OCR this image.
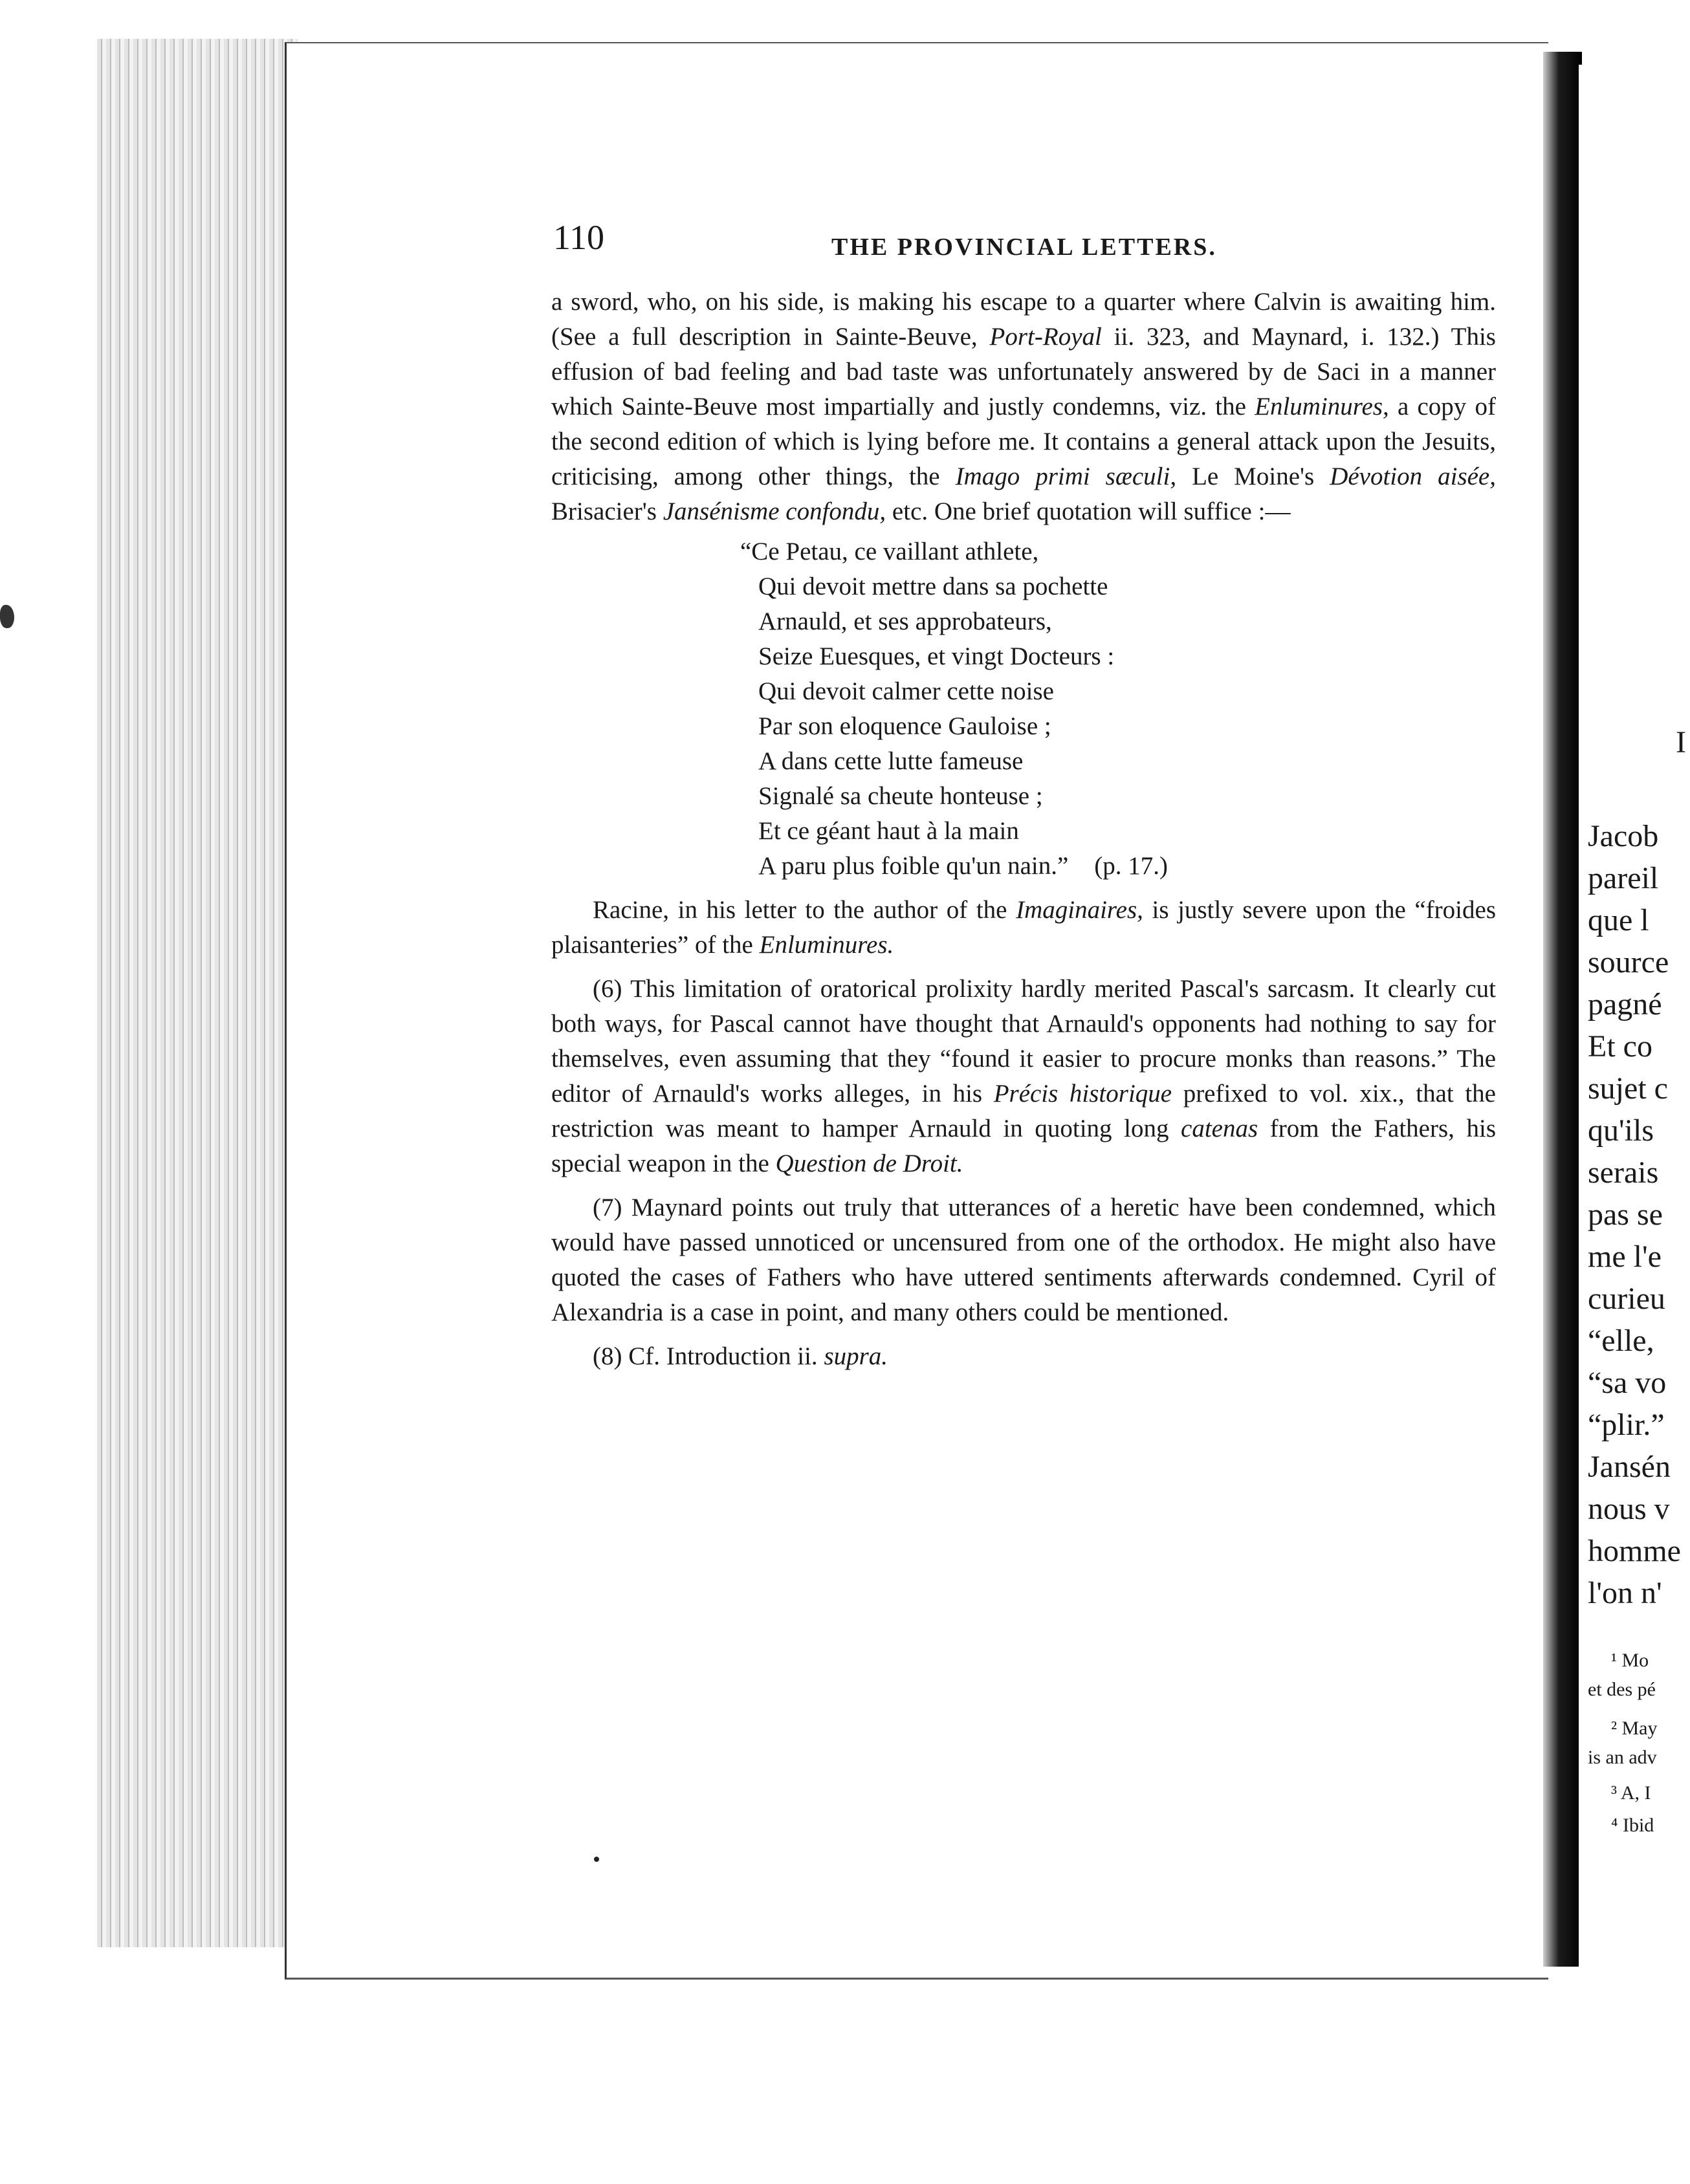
110	THE PROVINCIAL LETTERS.

a sword, who, on his side, is making his escape to a quarter where Calvin is awaiting him. (See a full description in Sainte-Beuve, Port-Royal ii. 323, and Maynard, i. 132.) This effusion of bad feeling and bad taste was unfortunately answered by de Saci in a manner which Sainte-Beuve most impartially and justly condemns, viz. the Enluminures, a copy of the second edition of which is lying before me. It contains a general attack upon the Jesuits, criticising, among other things, the Imago primi sæculi, Le Moine's Dévotion aisée, Brisacier's Jansénisme confondu, etc. One brief quotation will suffice :—

“Ce Petau, ce vaillant athlete,
Qui devoit mettre dans sa pochette
Arnauld, et ses approbateurs,
Seize Euesques, et vingt Docteurs :
Qui devoit calmer cette noise
Par son eloquence Gauloise ;
A dans cette lutte fameuse
Signalé sa cheute honteuse ;
Et ce géant haut à la main
A paru plus foible qu'un nain.” (p. 17.)

Racine, in his letter to the author of the Imaginaires, is justly severe upon the “froides plaisanteries” of the Enluminures.

(6) This limitation of oratorical prolixity hardly merited Pascal's sarcasm. It clearly cut both ways, for Pascal cannot have thought that Arnauld's opponents had nothing to say for themselves, even assuming that they “found it easier to procure monks than reasons.” The editor of Arnauld's works alleges, in his Précis historique prefixed to vol. xix., that the restriction was meant to hamper Arnauld in quoting long catenas from the Fathers, his special weapon in the Question de Droit.

(7) Maynard points out truly that utterances of a heretic have been condemned, which would have passed unnoticed or uncensured from one of the orthodox. He might also have quoted the cases of Fathers who have uttered sentiments afterwards condemned. Cyril of Alexandria is a case in point, and many others could be mentioned.

(8) Cf. Introduction ii. supra.

I
Jacob
pareil
que l
source
pagné
Et co
sujet c
qu'ils
serais
pas se
me l'e
curieu
“elle,
“sa vo
“plir.”
Jansén
nous v
homme
l'on n'
¹ Mo
et des pé
² May
is an adv
³ A, I
⁴ Ibid
